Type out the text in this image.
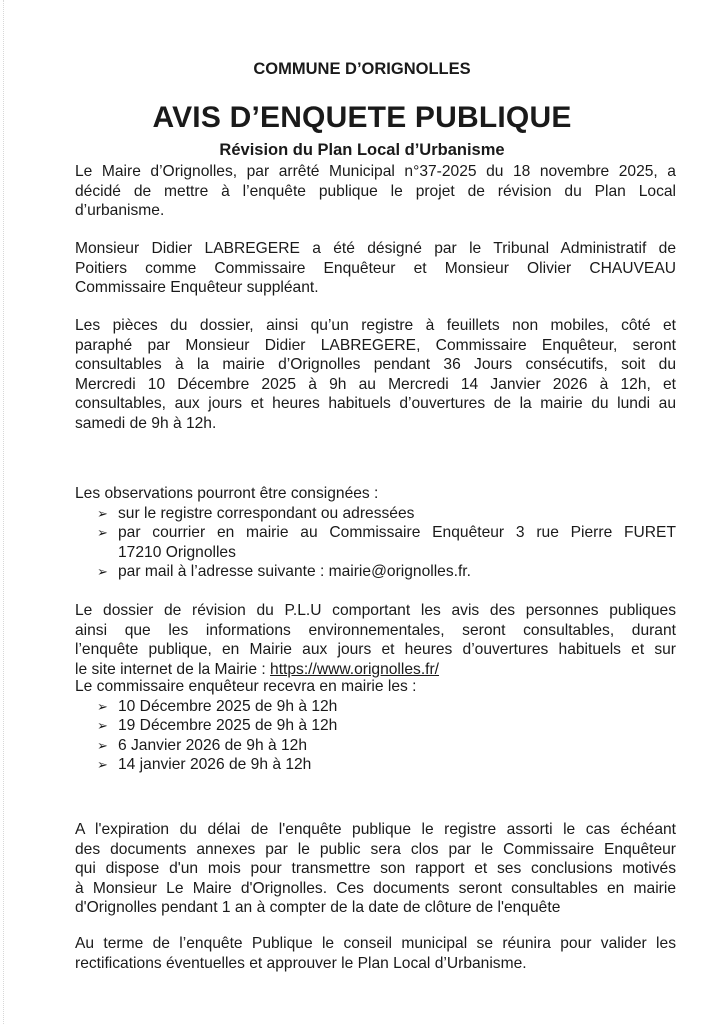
COMMUNE D’ORIGNOLLES
AVIS D’ENQUETE PUBLIQUE
Révision du Plan Local d’Urbanisme
Le Maire d’Orignolles, par arrêté Municipal n°37-2025 du 18 novembre 2025, a
décidé de mettre à l’enquête publique le projet de révision du Plan Local
d’urbanisme.
Monsieur Didier LABREGERE a été désigné par le Tribunal Administratif de
Poitiers comme Commissaire Enquêteur et Monsieur Olivier CHAUVEAU
Commissaire Enquêteur suppléant.
Les pièces du dossier, ainsi qu’un registre à feuillets non mobiles, côté et
paraphé par Monsieur Didier LABREGERE, Commissaire Enquêteur, seront
consultables à la mairie d’Orignolles pendant 36 Jours consécutifs, soit du
Mercredi 10 Décembre 2025 à 9h au Mercredi 14 Janvier 2026 à 12h, et
consultables, aux jours et heures habituels d’ouvertures de la mairie du lundi au
samedi de 9h à 12h.
Les observations pourront être consignées :
➢ sur le registre correspondant ou adressées
➢ par courrier en mairie au Commissaire Enquêteur 3 rue Pierre FURET
17210 Orignolles
➢ par mail à l’adresse suivante : mairie@orignolles.fr.
Le dossier de révision du P.L.U comportant les avis des personnes publiques
ainsi que les informations environnementales, seront consultables, durant
l’enquête publique, en Mairie aux jours et heures d’ouvertures habituels et sur
le site internet de la Mairie : https://www.orignolles.fr/
Le commissaire enquêteur recevra en mairie les :
➢ 10 Décembre 2025 de 9h à 12h
➢ 19 Décembre 2025 de 9h à 12h
➢ 6 Janvier 2026 de 9h à 12h
➢ 14 janvier 2026 de 9h à 12h
A l'expiration du délai de l'enquête publique le registre assorti le cas échéant
des documents annexes par le public sera clos par le Commissaire Enquêteur
qui dispose d'un mois pour transmettre son rapport et ses conclusions motivés
à Monsieur Le Maire d'Orignolles. Ces documents seront consultables en mairie
d'Orignolles pendant 1 an à compter de la date de clôture de l'enquête
Au terme de l’enquête Publique le conseil municipal se réunira pour valider les
rectifications éventuelles et approuver le Plan Local d’Urbanisme.
